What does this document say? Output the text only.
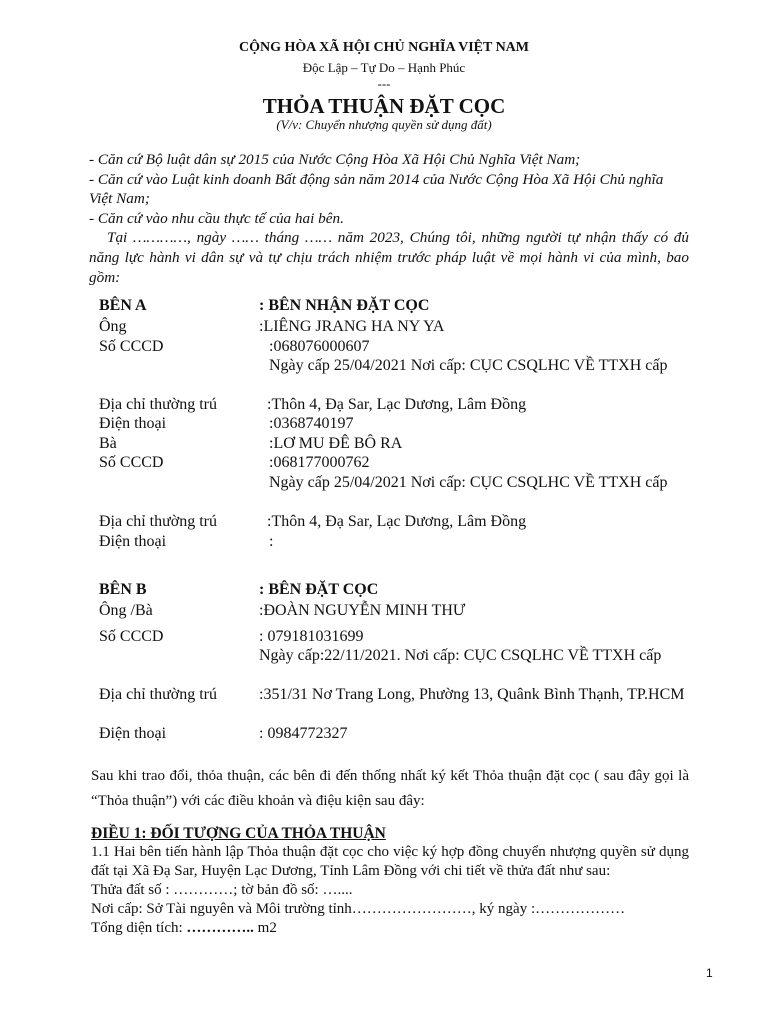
CỘNG HÒA XÃ HỘI CHỦ NGHĨA VIỆT NAM
Độc Lập – Tự Do – Hạnh Phúc
---
THỎA THUẬN ĐẶT CỌC
(V/v: Chuyển nhượng quyền sử dụng đất)

- Căn cứ Bộ luật dân sự 2015 của Nước Cộng Hòa Xã Hội Chủ Nghĩa Việt Nam;

- Căn cứ vào Luật kinh doanh Bất động sản năm 2014 của Nước Cộng Hòa Xã Hội Chủ nghĩa Việt Nam;

- Căn cứ vào nhu cầu thực tế của hai bên.

Tại …………, ngày …… tháng …… năm 2023, Chúng tôi, những người tự nhận thấy có đủ năng lực hành vi dân sự và tự chịu trách nhiệm trước pháp luật về mọi hành vi của mình, bao gồm:

BÊN A	: BÊN NHẬN ĐẶT CỌC
Ông	:LIÊNG JRANG HA NY YA
Số CCCD	:068076000607
Ngày cấp 25/04/2021 Nơi cấp: CỤC CSQLHC VỀ TTXH cấp
Địa chỉ thường trú	:Thôn 4, Đạ Sar, Lạc Dương, Lâm Đồng
Điện thoại	:0368740197
Bà	:LƠ MU ĐÊ BÔ RA
Số CCCD	:068177000762
Ngày cấp 25/04/2021 Nơi cấp: CỤC CSQLHC VỀ TTXH cấp
Địa chỉ thường trú	:Thôn 4, Đạ Sar, Lạc Dương, Lâm Đồng
Điện thoại	:
BÊN B	: BÊN ĐẶT CỌC
Ông /Bà	:ĐOÀN NGUYỄN MINH THƯ
Số CCCD	: 079181031699
Ngày cấp:22/11/2021. Nơi cấp: CỤC CSQLHC VỀ TTXH cấp
Địa chỉ thường trú	:351/31 Nơ Trang Long, Phường 13, Quânk Bình Thạnh, TP.HCM
Điện thoại	: 0984772327
Sau khi trao đổi, thỏa thuận, các bên đi đến thống nhất ký kết Thỏa thuận đặt cọc ( sau đây gọi là “Thỏa thuận”) với các điều khoản và điệu kiện sau đây:

ĐIỀU 1: ĐỐI TƯỢNG CỦA THỎA THUẬN

1.1 Hai bên tiến hành lập Thỏa thuận đặt cọc cho việc ký hợp đồng chuyển nhượng quyền sử dụng đất tại Xã Đạ Sar, Huyện Lạc Dương, Tỉnh Lâm Đồng với chi tiết về thửa đất như sau:

Thửa đất số : …………; tờ bản đồ số: …....

Nơi cấp: Sở Tài nguyên và Môi trường tỉnh……………………, ký ngày :………………

Tổng diện tích: ………….. m2

1
